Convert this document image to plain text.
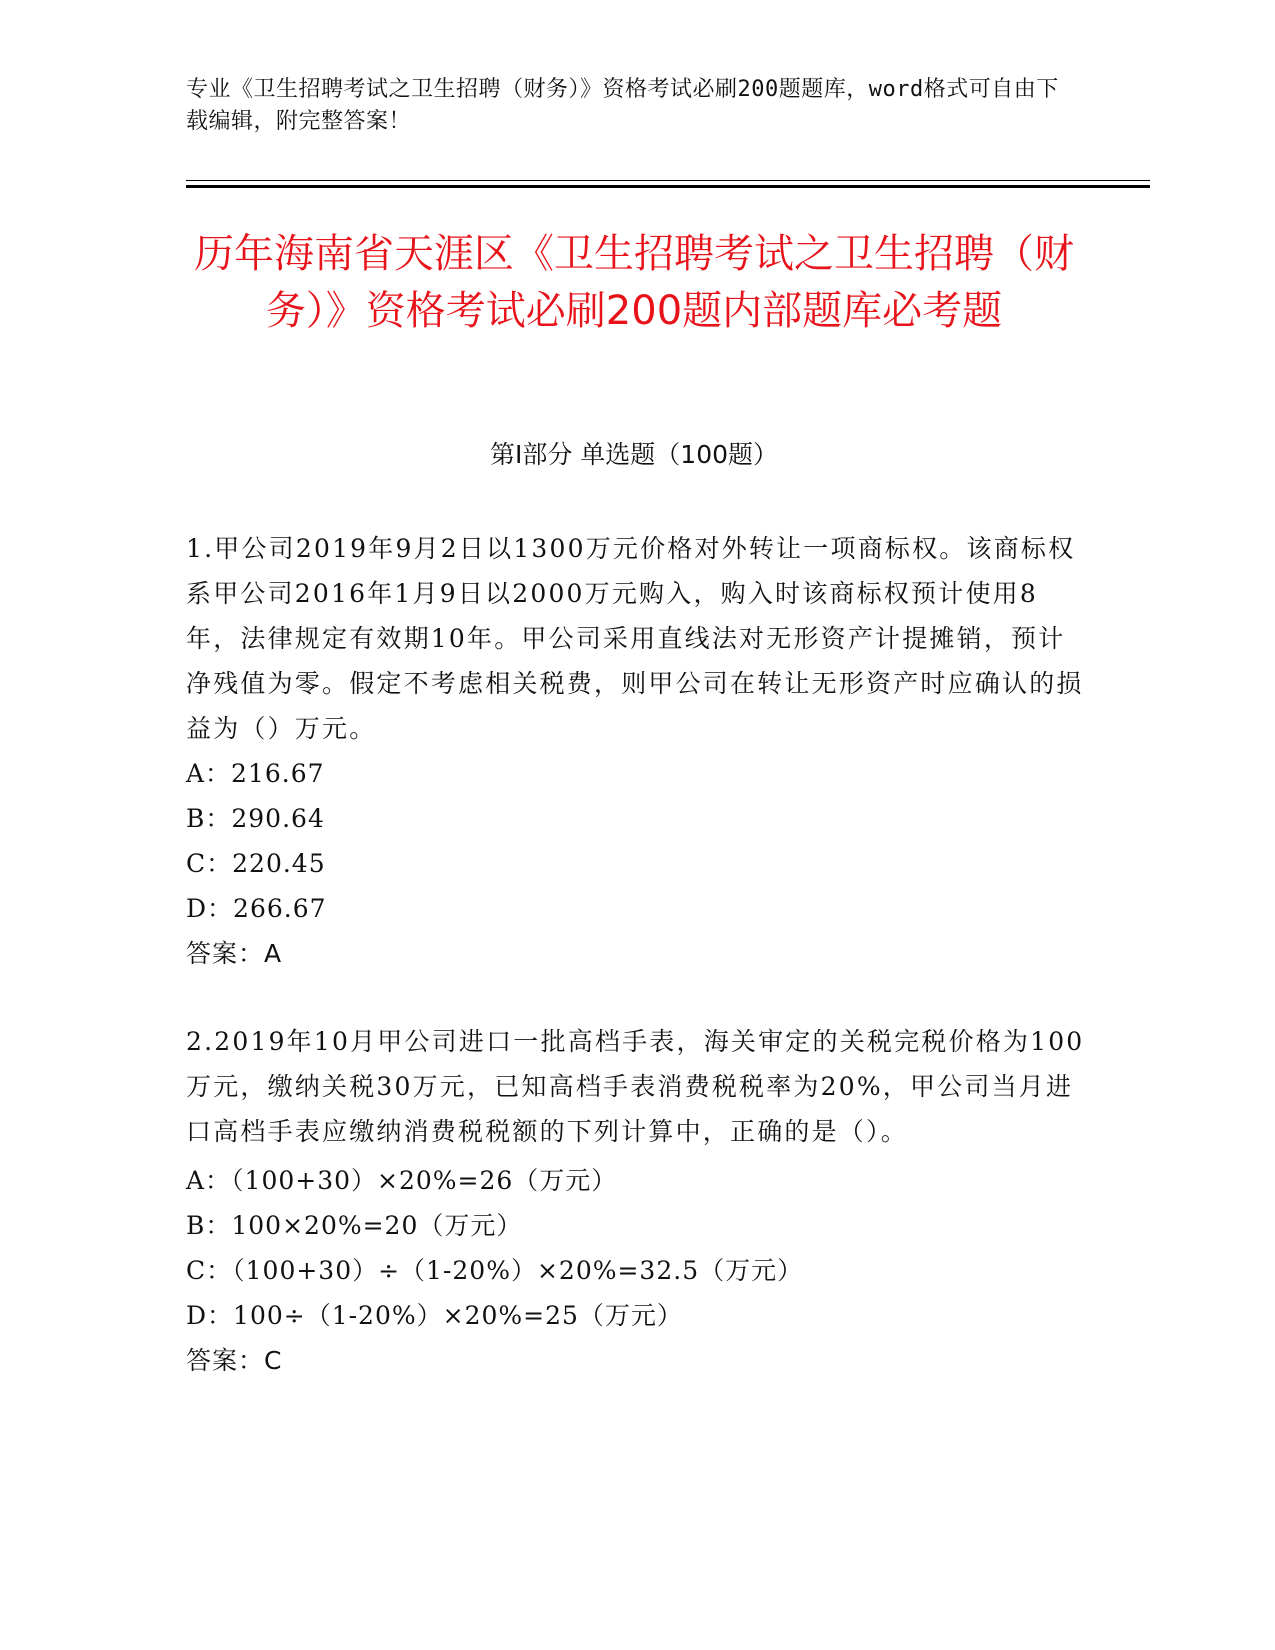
专业《卫生招聘考试之卫生招聘（财务）》资格考试必刷200题题库，word格式可自由下载编辑，附完整答案！
历年海南省天涯区《卫生招聘考试之卫生招聘（财务）》资格考试必刷200题内部题库必考题
第I部分 单选题（100题）
1.甲公司2019年9月2日以1300万元价格对外转让一项商标权。该商标权系甲公司2016年1月9日以2000万元购入，购入时该商标权预计使用8年，法律规定有效期10年。甲公司采用直线法对无形资产计提摊销，预计净残值为零。假定不考虑相关税费，则甲公司在转让无形资产时应确认的损益为（）万元。
A：216.67
B：290.64
C：220.45
D：266.67
答案：A
2.2019年10月甲公司进口一批高档手表，海关审定的关税完税价格为100万元，缴纳关税30万元，已知高档手表消费税税率为20%，甲公司当月进口高档手表应缴纳消费税税额的下列计算中，正确的是（）。
A：（100+30）×20%=26（万元）
B：100×20%=20（万元）
C：（100+30）÷（1-20%）×20%=32.5（万元）
D：100÷（1-20%）×20%=25（万元）
答案：C
